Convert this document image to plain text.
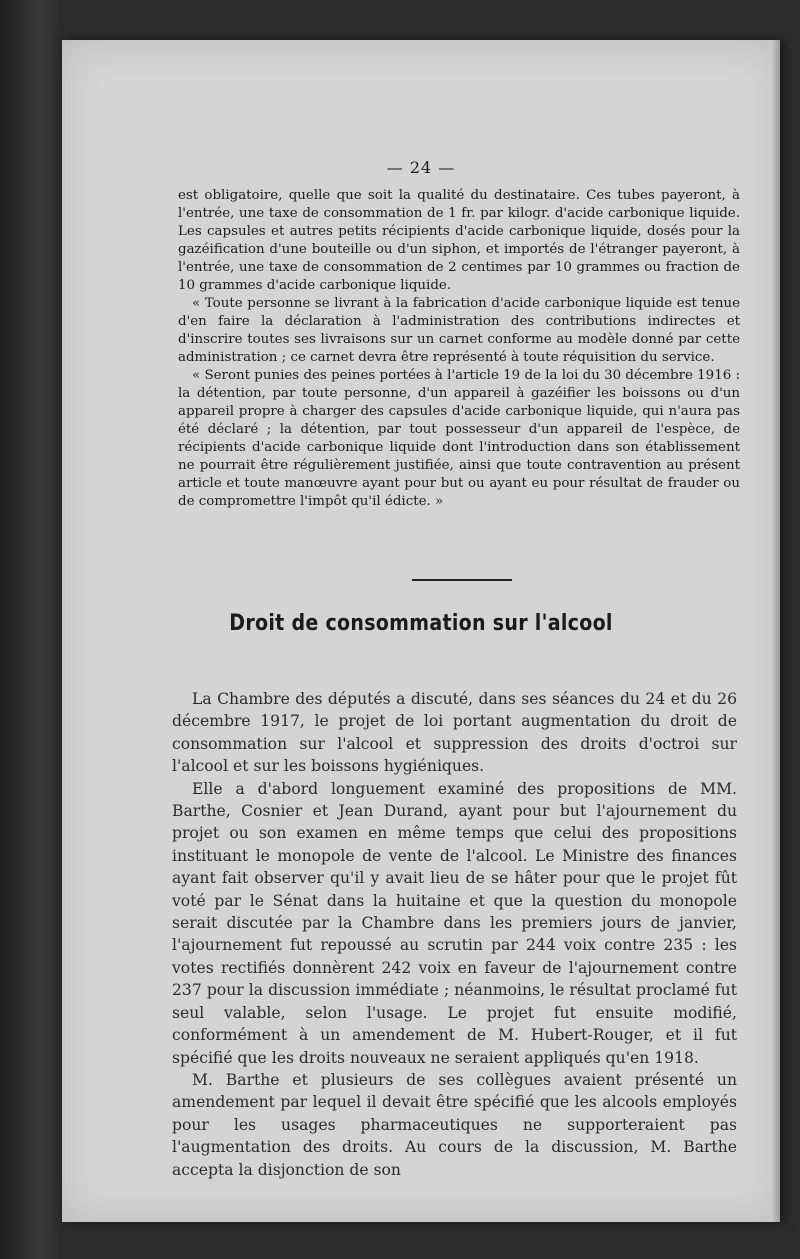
— 24 —

est obligatoire, quelle que soit la qualité du destinataire. Ces tubes payeront, à l'entrée, une taxe de consommation de 1 fr. par kilogr. d'acide carbonique liquide. Les capsules et autres petits récipients d'acide carbonique liquide, dosés pour la gazéification d'une bouteille ou d'un siphon, et importés de l'étranger payeront, à l'entrée, une taxe de consommation de 2 centimes par 10 grammes ou fraction de 10 grammes d'acide carbonique liquide.

« Toute personne se livrant à la fabrication d'acide carbonique liquide est tenue d'en faire la déclaration à l'administration des contributions indirectes et d'inscrire toutes ses livraisons sur un carnet conforme au modèle donné par cette administration ; ce carnet devra être représenté à toute réquisition du service.

« Seront punies des peines portées à l'article 19 de la loi du 30 décembre 1916 : la détention, par toute personne, d'un appareil à gazéifier les boissons ou d'un appareil propre à charger des capsules d'acide carbonique liquide, qui n'aura pas été déclaré ; la détention, par tout possesseur d'un appareil de l'espèce, de récipients d'acide carbonique liquide dont l'introduction dans son établissement ne pourrait être régulièrement justifiée, ainsi que toute contravention au présent article et toute manœuvre ayant pour but ou ayant eu pour résultat de frauder ou de compromettre l'impôt qu'il édicte. »

Droit de consommation sur l'alcool

La Chambre des députés a discuté, dans ses séances du 24 et du 26 décembre 1917, le projet de loi portant augmentation du droit de consommation sur l'alcool et suppression des droits d'octroi sur l'alcool et sur les boissons hygiéniques.

Elle a d'abord longuement examiné des propositions de MM. Barthe, Cosnier et Jean Durand, ayant pour but l'ajournement du projet ou son examen en même temps que celui des propositions instituant le monopole de vente de l'alcool. Le Ministre des finances ayant fait observer qu'il y avait lieu de se hâter pour que le projet fût voté par le Sénat dans la huitaine et que la question du monopole serait discutée par la Chambre dans les premiers jours de janvier, l'ajournement fut repoussé au scrutin par 244 voix contre 235 : les votes rectifiés donnèrent 242 voix en faveur de l'ajournement contre 237 pour la discussion immédiate ; néanmoins, le résultat proclamé fut seul valable, selon l'usage. Le projet fut ensuite modifié, conformément à un amendement de M. Hubert-Rouger, et il fut spécifié que les droits nouveaux ne seraient appliqués qu'en 1918.

M. Barthe et plusieurs de ses collègues avaient présenté un amendement par lequel il devait être spécifié que les alcools employés pour les usages pharmaceutiques ne supporteraient pas l'augmentation des droits. Au cours de la discussion, M. Barthe accepta la disjonction de son
